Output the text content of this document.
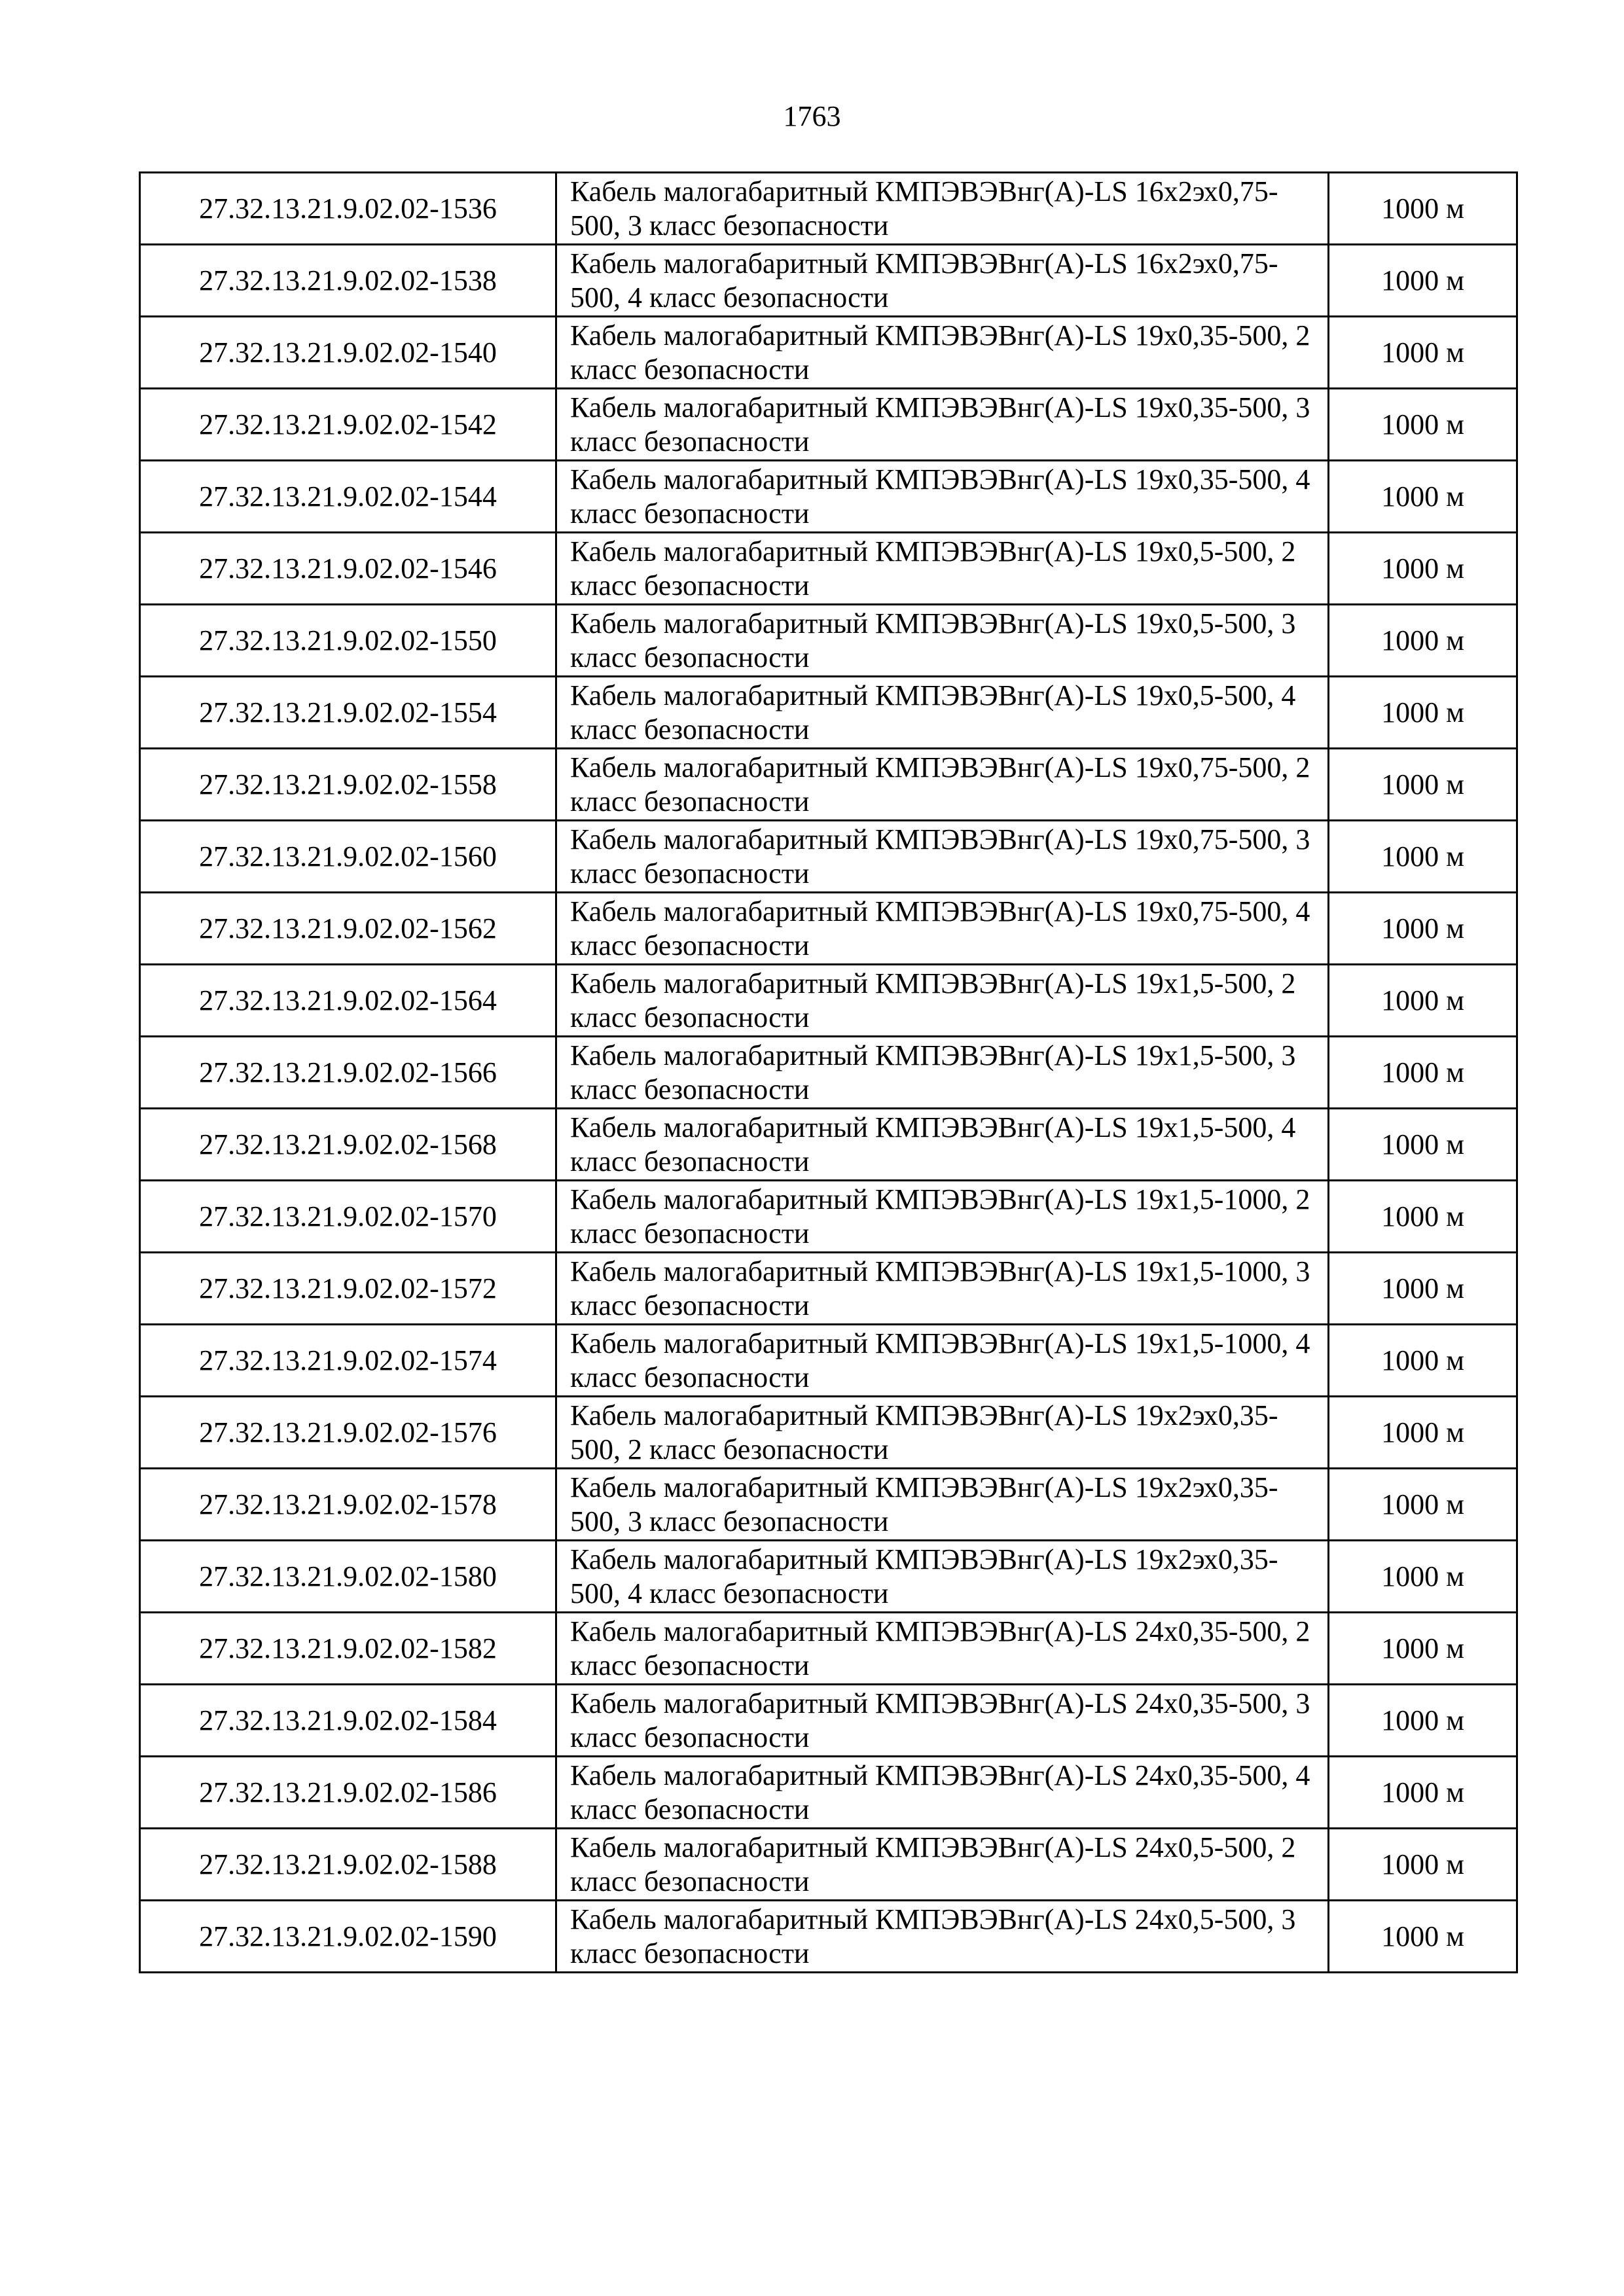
1763
27.32.13.21.9.02.02-1536	Кабель малогабаритный КМПЭВЭВнг(А)-LS 16х2эх0,75-500, 3 класс безопасности	1000 м
27.32.13.21.9.02.02-1538	Кабель малогабаритный КМПЭВЭВнг(А)-LS 16х2эх0,75-500, 4 класс безопасности	1000 м
27.32.13.21.9.02.02-1540	Кабель малогабаритный КМПЭВЭВнг(А)-LS 19х0,35-500, 2 класс безопасности	1000 м
27.32.13.21.9.02.02-1542	Кабель малогабаритный КМПЭВЭВнг(А)-LS 19х0,35-500, 3 класс безопасности	1000 м
27.32.13.21.9.02.02-1544	Кабель малогабаритный КМПЭВЭВнг(А)-LS 19х0,35-500, 4 класс безопасности	1000 м
27.32.13.21.9.02.02-1546	Кабель малогабаритный КМПЭВЭВнг(А)-LS 19х0,5-500, 2 класс безопасности	1000 м
27.32.13.21.9.02.02-1550	Кабель малогабаритный КМПЭВЭВнг(А)-LS 19х0,5-500, 3 класс безопасности	1000 м
27.32.13.21.9.02.02-1554	Кабель малогабаритный КМПЭВЭВнг(А)-LS 19х0,5-500, 4 класс безопасности	1000 м
27.32.13.21.9.02.02-1558	Кабель малогабаритный КМПЭВЭВнг(А)-LS 19х0,75-500, 2 класс безопасности	1000 м
27.32.13.21.9.02.02-1560	Кабель малогабаритный КМПЭВЭВнг(А)-LS 19х0,75-500, 3 класс безопасности	1000 м
27.32.13.21.9.02.02-1562	Кабель малогабаритный КМПЭВЭВнг(А)-LS 19х0,75-500, 4 класс безопасности	1000 м
27.32.13.21.9.02.02-1564	Кабель малогабаритный КМПЭВЭВнг(А)-LS 19х1,5-500, 2 класс безопасности	1000 м
27.32.13.21.9.02.02-1566	Кабель малогабаритный КМПЭВЭВнг(А)-LS 19х1,5-500, 3 класс безопасности	1000 м
27.32.13.21.9.02.02-1568	Кабель малогабаритный КМПЭВЭВнг(А)-LS 19х1,5-500, 4 класс безопасности	1000 м
27.32.13.21.9.02.02-1570	Кабель малогабаритный КМПЭВЭВнг(А)-LS 19х1,5-1000, 2 класс безопасности	1000 м
27.32.13.21.9.02.02-1572	Кабель малогабаритный КМПЭВЭВнг(А)-LS 19х1,5-1000, 3 класс безопасности	1000 м
27.32.13.21.9.02.02-1574	Кабель малогабаритный КМПЭВЭВнг(А)-LS 19х1,5-1000, 4 класс безопасности	1000 м
27.32.13.21.9.02.02-1576	Кабель малогабаритный КМПЭВЭВнг(А)-LS 19х2эх0,35-500, 2 класс безопасности	1000 м
27.32.13.21.9.02.02-1578	Кабель малогабаритный КМПЭВЭВнг(А)-LS 19х2эх0,35-500, 3 класс безопасности	1000 м
27.32.13.21.9.02.02-1580	Кабель малогабаритный КМПЭВЭВнг(А)-LS 19х2эх0,35-500, 4 класс безопасности	1000 м
27.32.13.21.9.02.02-1582	Кабель малогабаритный КМПЭВЭВнг(А)-LS 24х0,35-500, 2 класс безопасности	1000 м
27.32.13.21.9.02.02-1584	Кабель малогабаритный КМПЭВЭВнг(А)-LS 24х0,35-500, 3 класс безопасности	1000 м
27.32.13.21.9.02.02-1586	Кабель малогабаритный КМПЭВЭВнг(А)-LS 24х0,35-500, 4 класс безопасности	1000 м
27.32.13.21.9.02.02-1588	Кабель малогабаритный КМПЭВЭВнг(А)-LS 24х0,5-500, 2 класс безопасности	1000 м
27.32.13.21.9.02.02-1590	Кабель малогабаритный КМПЭВЭВнг(А)-LS 24х0,5-500, 3 класс безопасности	1000 м
